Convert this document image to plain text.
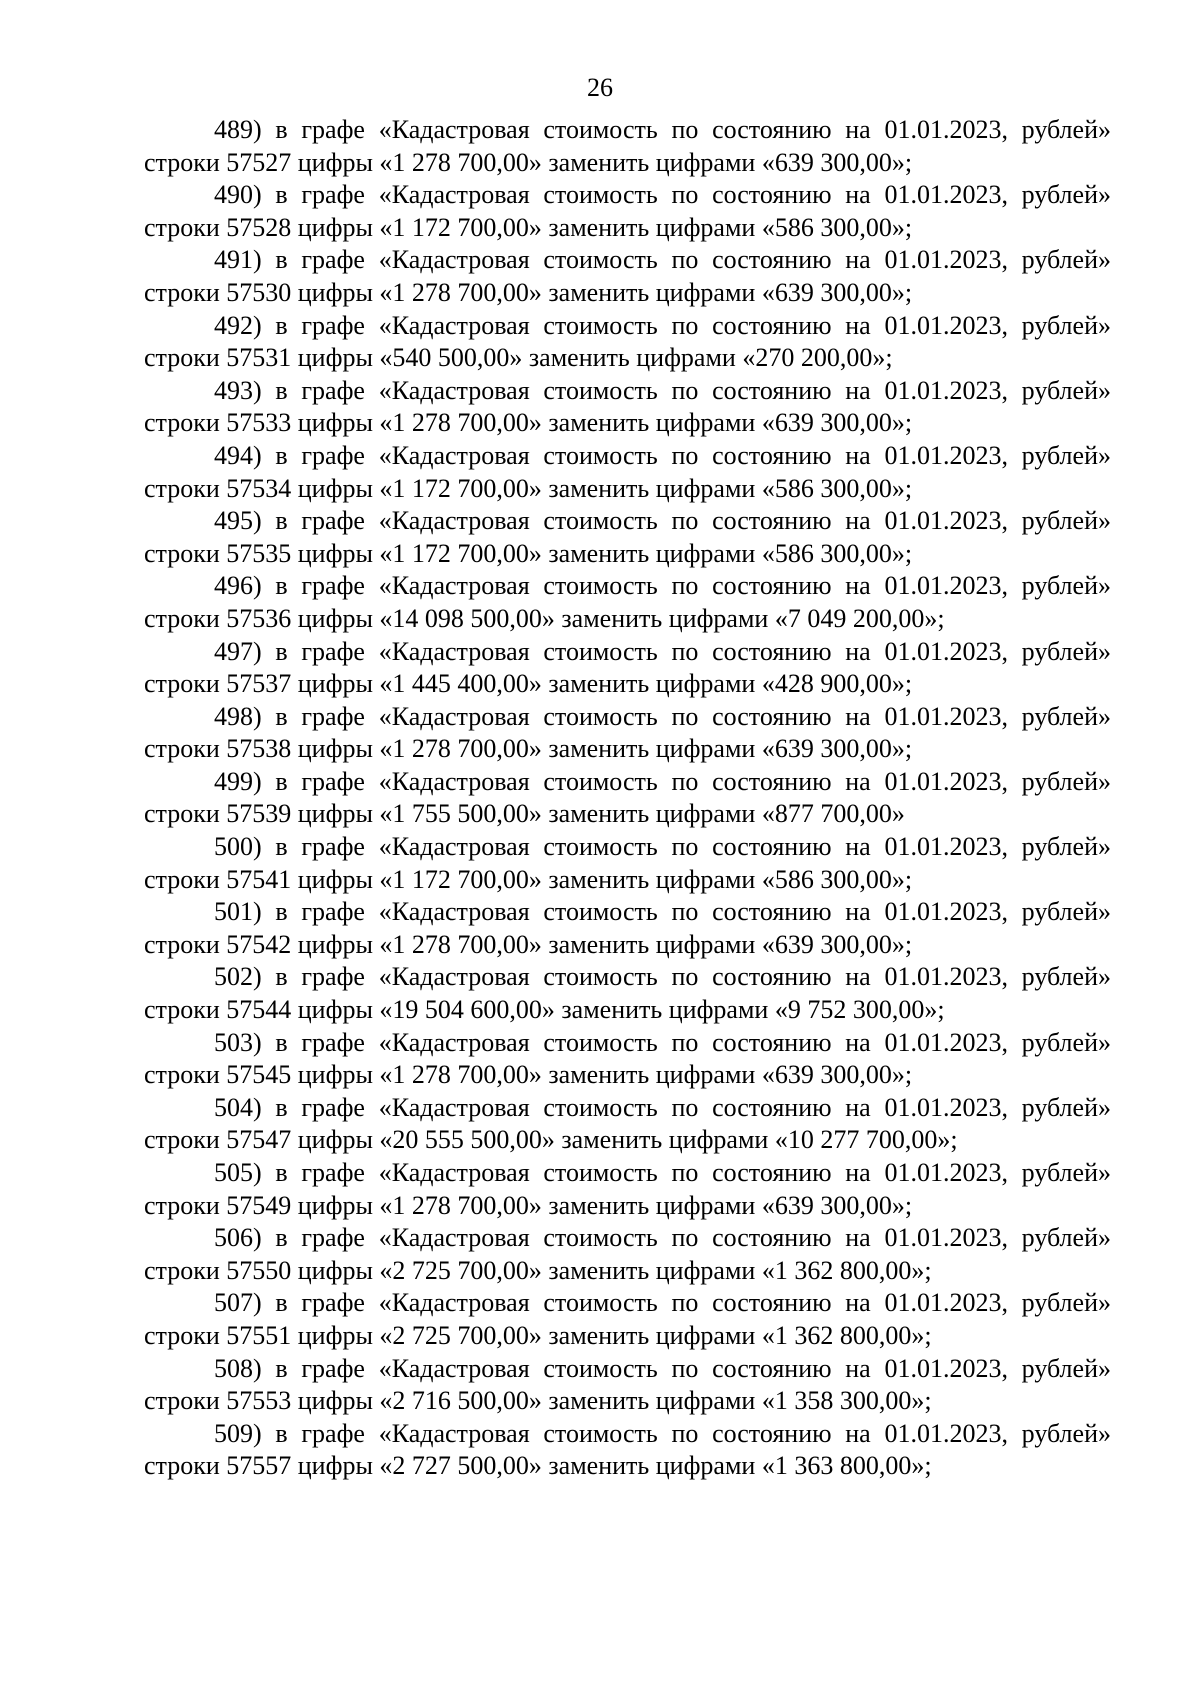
26

489) в графе «Кадастровая стоимость по состоянию на 01.01.2023, рублей» строки 57527 цифры «1 278 700,00» заменить цифрами «639 300,00»;

490) в графе «Кадастровая стоимость по состоянию на 01.01.2023, рублей» строки 57528 цифры «1 172 700,00» заменить цифрами «586 300,00»;

491) в графе «Кадастровая стоимость по состоянию на 01.01.2023, рублей» строки 57530 цифры «1 278 700,00» заменить цифрами «639 300,00»;

492) в графе «Кадастровая стоимость по состоянию на 01.01.2023, рублей» строки 57531 цифры «540 500,00» заменить цифрами «270 200,00»;

493) в графе «Кадастровая стоимость по состоянию на 01.01.2023, рублей» строки 57533 цифры «1 278 700,00» заменить цифрами «639 300,00»;

494) в графе «Кадастровая стоимость по состоянию на 01.01.2023, рублей» строки 57534 цифры «1 172 700,00» заменить цифрами «586 300,00»;

495) в графе «Кадастровая стоимость по состоянию на 01.01.2023, рублей» строки 57535 цифры «1 172 700,00» заменить цифрами «586 300,00»;

496) в графе «Кадастровая стоимость по состоянию на 01.01.2023, рублей» строки 57536 цифры «14 098 500,00» заменить цифрами «7 049 200,00»;

497) в графе «Кадастровая стоимость по состоянию на 01.01.2023, рублей» строки 57537 цифры «1 445 400,00» заменить цифрами «428 900,00»;

498) в графе «Кадастровая стоимость по состоянию на 01.01.2023, рублей» строки 57538 цифры «1 278 700,00» заменить цифрами «639 300,00»;

499) в графе «Кадастровая стоимость по состоянию на 01.01.2023, рублей» строки 57539 цифры «1 755 500,00» заменить цифрами «877 700,00»

500) в графе «Кадастровая стоимость по состоянию на 01.01.2023, рублей» строки 57541 цифры «1 172 700,00» заменить цифрами «586 300,00»;

501) в графе «Кадастровая стоимость по состоянию на 01.01.2023, рублей» строки 57542 цифры «1 278 700,00» заменить цифрами «639 300,00»;

502) в графе «Кадастровая стоимость по состоянию на 01.01.2023, рублей» строки 57544 цифры «19 504 600,00» заменить цифрами «9 752 300,00»;

503) в графе «Кадастровая стоимость по состоянию на 01.01.2023, рублей» строки 57545 цифры «1 278 700,00» заменить цифрами «639 300,00»;

504) в графе «Кадастровая стоимость по состоянию на 01.01.2023, рублей» строки 57547 цифры «20 555 500,00» заменить цифрами «10 277 700,00»;

505) в графе «Кадастровая стоимость по состоянию на 01.01.2023, рублей» строки 57549 цифры «1 278 700,00» заменить цифрами «639 300,00»;

506) в графе «Кадастровая стоимость по состоянию на 01.01.2023, рублей» строки 57550 цифры «2 725 700,00» заменить цифрами «1 362 800,00»;

507) в графе «Кадастровая стоимость по состоянию на 01.01.2023, рублей» строки 57551 цифры «2 725 700,00» заменить цифрами «1 362 800,00»;

508) в графе «Кадастровая стоимость по состоянию на 01.01.2023, рублей» строки 57553 цифры «2 716 500,00» заменить цифрами «1 358 300,00»;

509) в графе «Кадастровая стоимость по состоянию на 01.01.2023, рублей» строки 57557 цифры «2 727 500,00» заменить цифрами «1 363 800,00»;
